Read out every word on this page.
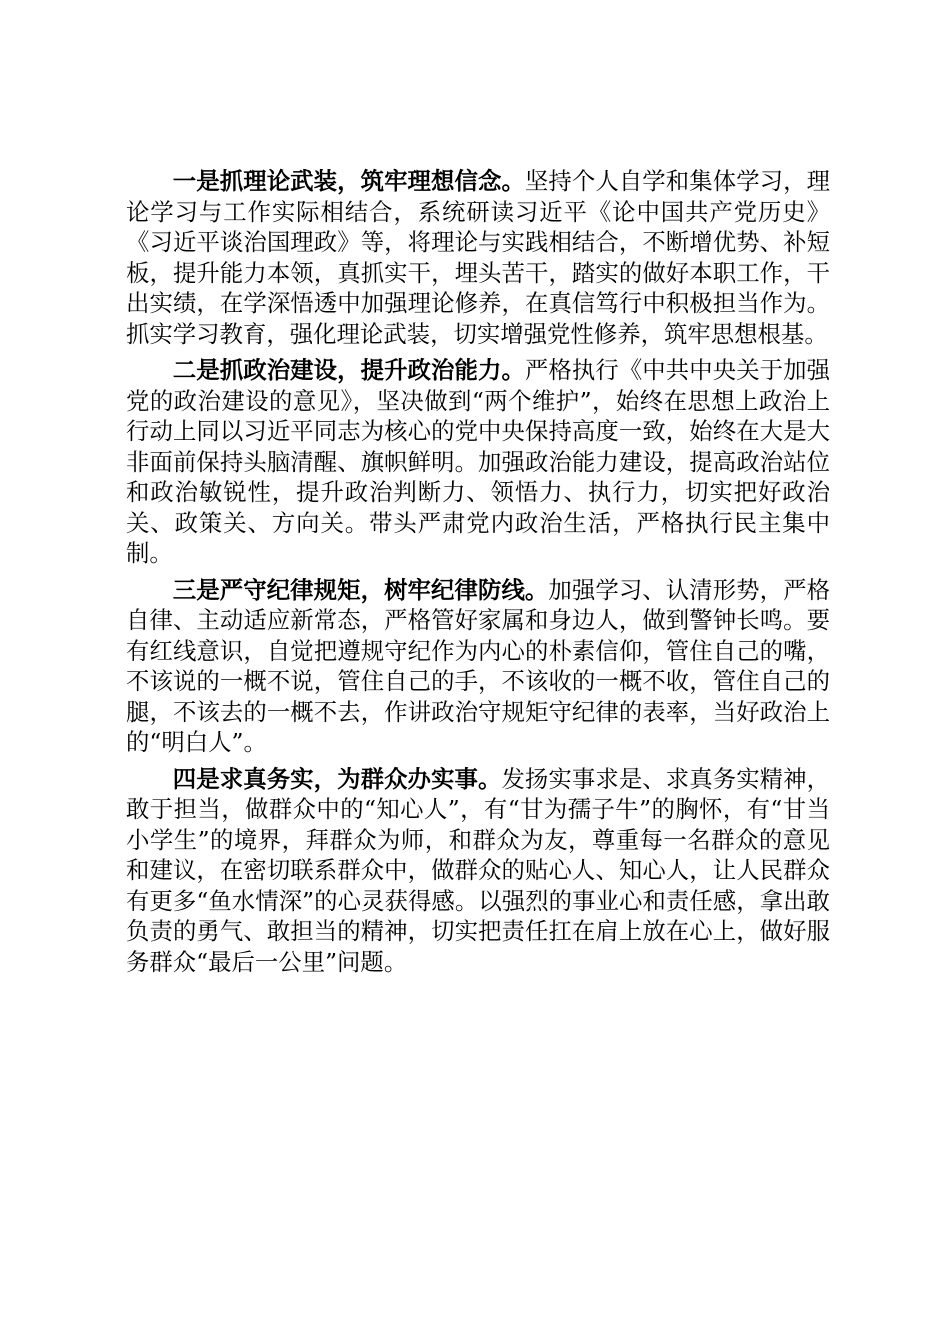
一是抓理论武装，筑牢理想信念。坚持个人自学和集体学习，理论学习与工作实际相结合，系统研读习近平《论中国共产党历史》《习近平谈治国理政》等，将理论与实践相结合，不断增优势、补短板，提升能力本领，真抓实干，埋头苦干，踏实的做好本职工作，干出实绩，在学深悟透中加强理论修养，在真信笃行中积极担当作为。抓实学习教育，强化理论武装，切实增强党性修养，筑牢思想根基。

二是抓政治建设，提升政治能力。严格执行《中共中央关于加强党的政治建设的意见》，坚决做到“两个维护”，始终在思想上政治上行动上同以习近平同志为核心的党中央保持高度一致，始终在大是大非面前保持头脑清醒、旗帜鲜明。加强政治能力建设，提高政治站位和政治敏锐性，提升政治判断力、领悟力、执行力，切实把好政治关、政策关、方向关。带头严肃党内政治生活，严格执行民主集中制。

三是严守纪律规矩，树牢纪律防线。加强学习、认清形势，严格自律、主动适应新常态，严格管好家属和身边人，做到警钟长鸣。要有红线意识，自觉把遵规守纪作为内心的朴素信仰，管住自己的嘴，不该说的一概不说，管住自己的手，不该收的一概不收，管住自己的腿，不该去的一概不去，作讲政治守规矩守纪律的表率，当好政治上的“明白人”。

四是求真务实，为群众办实事。发扬实事求是、求真务实精神，敢于担当，做群众中的“知心人”，有“甘为孺子牛”的胸怀，有“甘当小学生”的境界，拜群众为师，和群众为友，尊重每一名群众的意见和建议，在密切联系群众中，做群众的贴心人、知心人，让人民群众有更多“鱼水情深”的心灵获得感。以强烈的事业心和责任感，拿出敢负责的勇气、敢担当的精神，切实把责任扛在肩上放在心上，做好服务群众“最后一公里”问题。
